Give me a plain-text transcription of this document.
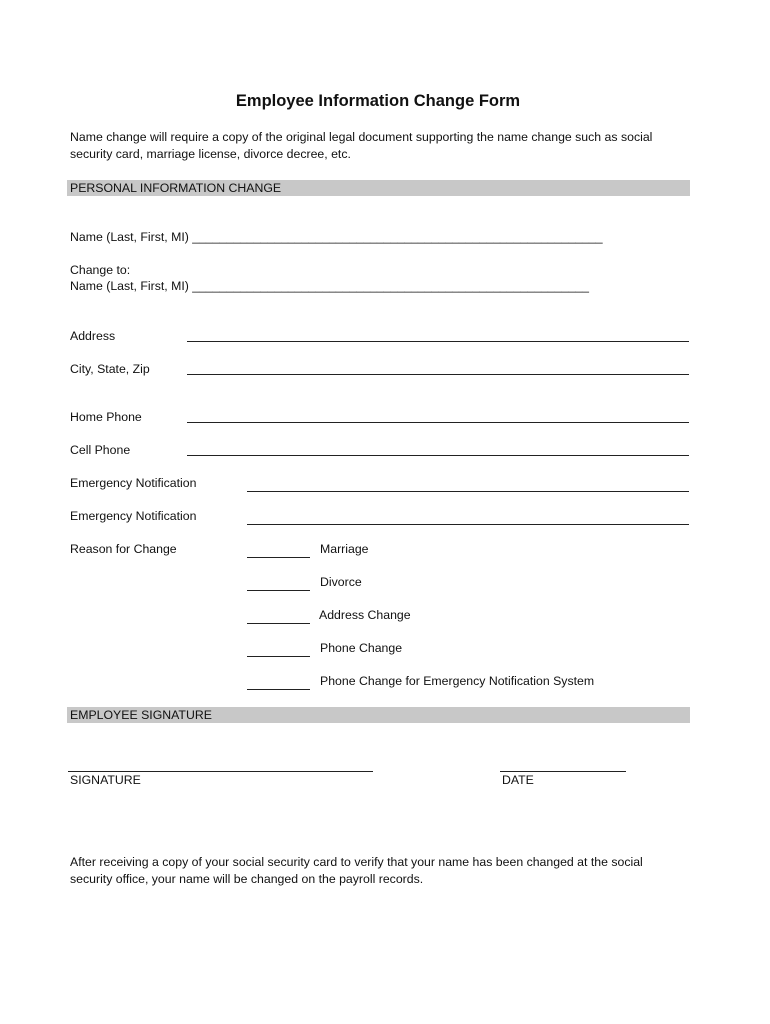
Employee Information Change Form
Name change will require a copy of the original legal document supporting the name change such as social
security card, marriage license, divorce decree, etc.
PERSONAL INFORMATION CHANGE
Name (Last, First, MI) ____________________________________________________________
Change to:
Name (Last, First, MI) __________________________________________________________
Address
City, State, Zip
Home Phone
Cell Phone
Emergency Notification
Emergency Notification
Reason for Change	Marriage
Divorce
Address Change
Phone Change
Phone Change for Emergency Notification System
EMPLOYEE SIGNATURE
SIGNATURE	DATE
After receiving a copy of your social security card to verify that your name has been changed at the social
security office, your name will be changed on the payroll records.
